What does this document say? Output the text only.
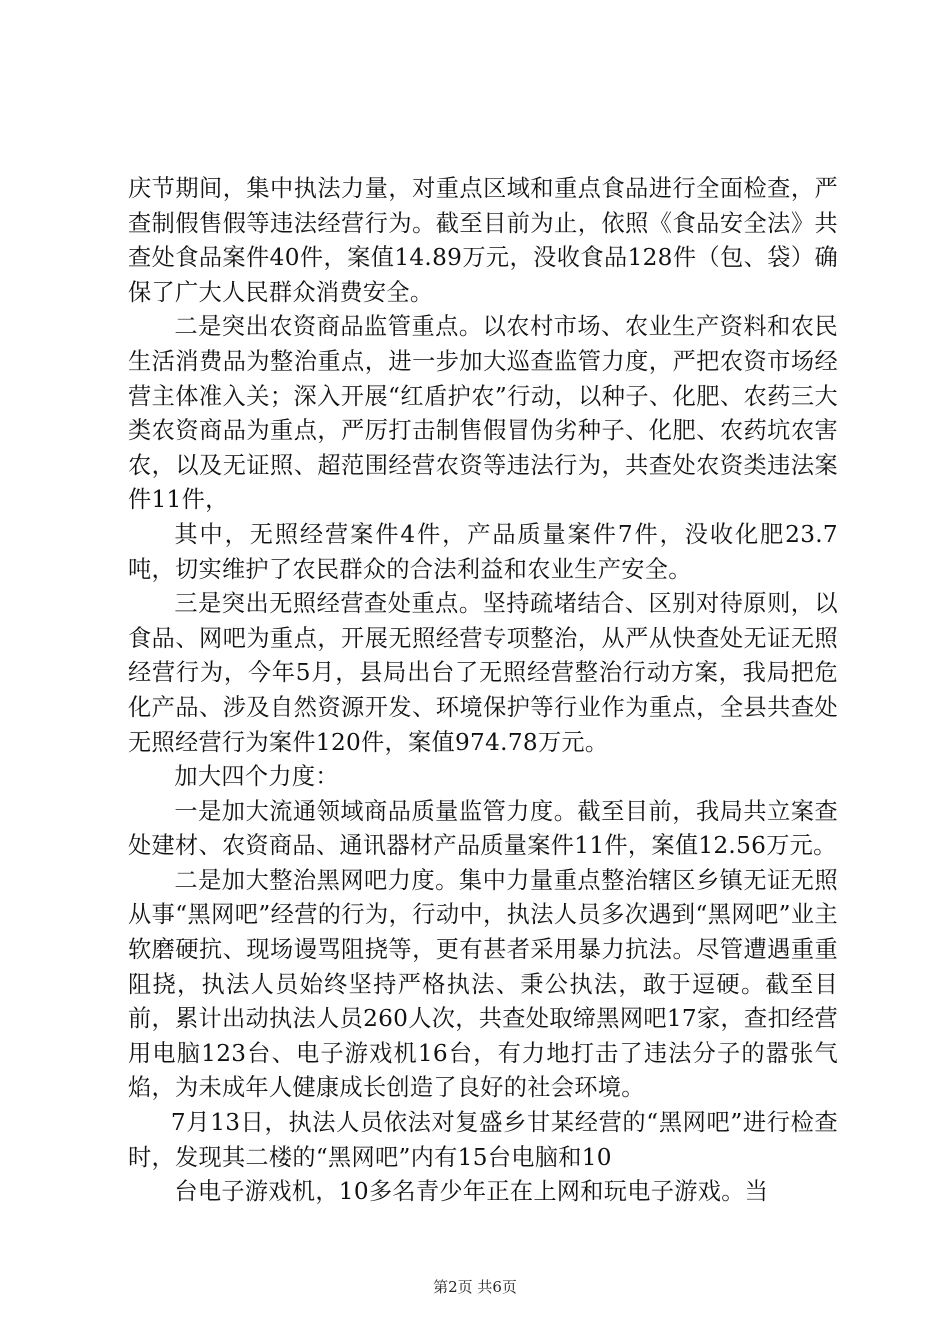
庆节期间，集中执法力量，对重点区域和重点食品进行全面检查，严查制假售假等违法经营行为。截至目前为止，依照《食品安全法》共查处食品案件40件，案值14.89万元，没收食品128件（包、袋）确保了广大人民群众消费安全。

二是突出农资商品监管重点。以农村市场、农业生产资料和农民生活消费品为整治重点，进一步加大巡查监管力度，严把农资市场经营主体准入关；深入开展“红盾护农”行动，以种子、化肥、农药三大类农资商品为重点，严厉打击制售假冒伪劣种子、化肥、农药坑农害农，以及无证照、超范围经营农资等违法行为，共查处农资类违法案件11件，

其中，无照经营案件4件，产品质量案件7件，没收化肥23.7吨，切实维护了农民群众的合法利益和农业生产安全。

三是突出无照经营查处重点。坚持疏堵结合、区别对待原则，以食品、网吧为重点，开展无照经营专项整治，从严从快查处无证无照经营行为，今年5月，县局出台了无照经营整治行动方案，我局把危化产品、涉及自然资源开发、环境保护等行业作为重点，全县共查处无照经营行为案件120件，案值974.78万元。

加大四个力度：

一是加大流通领域商品质量监管力度。截至目前，我局共立案查处建材、农资商品、通讯器材产品质量案件11件，案值12.56万元。

二是加大整治黑网吧力度。集中力量重点整治辖区乡镇无证无照从事“黑网吧”经营的行为，行动中，执法人员多次遇到“黑网吧”业主软磨硬抗、现场谩骂阻挠等，更有甚者采用暴力抗法。尽管遭遇重重阻挠，执法人员始终坚持严格执法、秉公执法，敢于逗硬。截至目前，累计出动执法人员260人次，共查处取缔黑网吧17家，查扣经营用电脑123台、电子游戏机16台，有力地打击了违法分子的嚣张气焰，为未成年人健康成长创造了良好的社会环境。

7月13日，执法人员依法对复盛乡甘某经营的“黑网吧”进行检查时，发现其二楼的“黑网吧”内有15台电脑和10

台电子游戏机，10多名青少年正在上网和玩电子游戏。当

第2页 共6页
